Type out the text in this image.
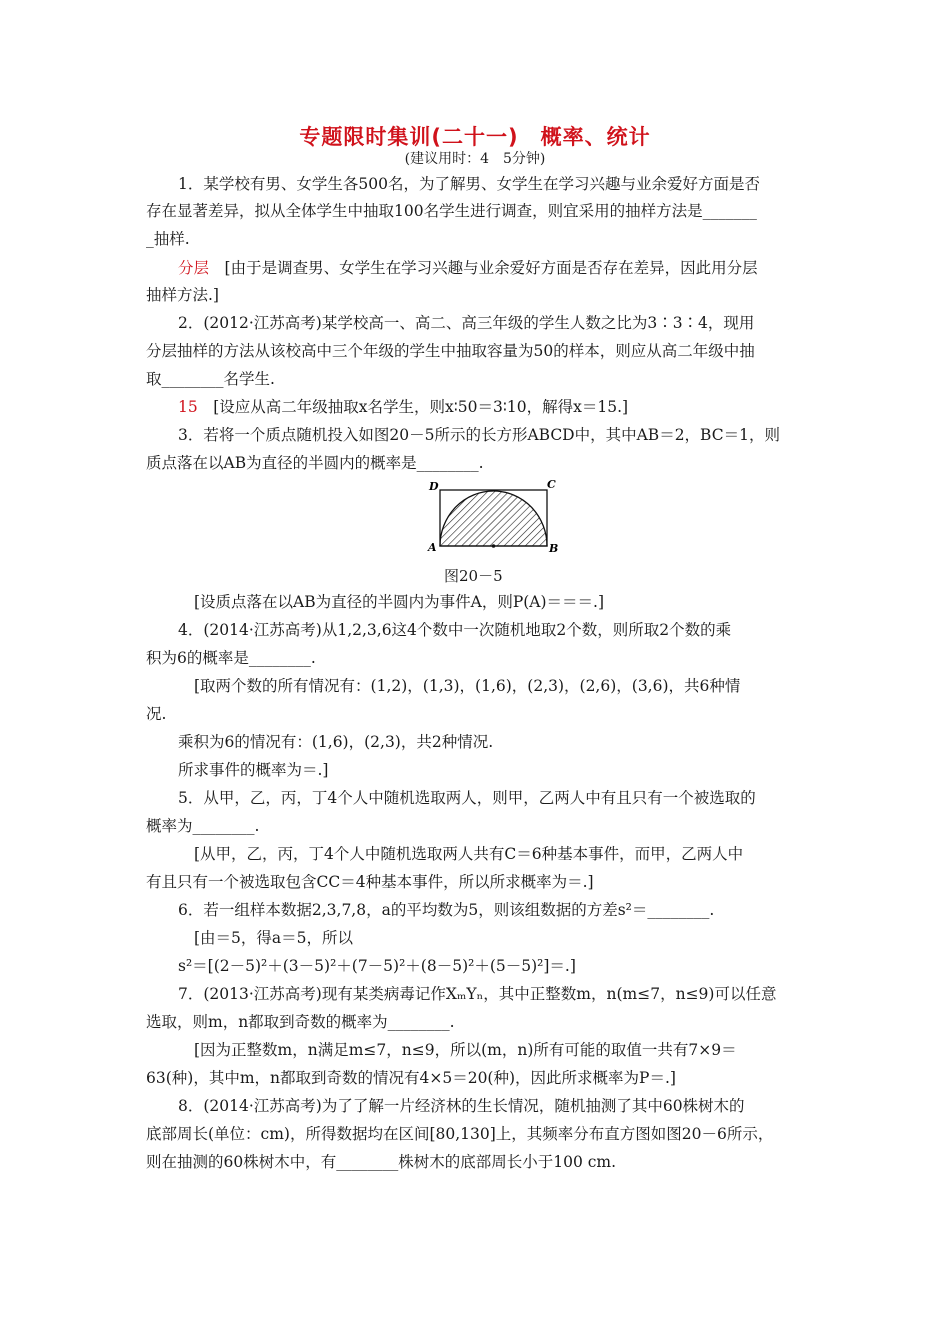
专题限时集训(二十一)　概率、统计
(建议用时：4　5分钟)
1．某学校有男、女学生各500名，为了解男、女学生在学习兴趣与业余爱好方面是否
存在显著差异，拟从全体学生中抽取100名学生进行调查，则宜采用的抽样方法是_______
_抽样.
分层　[由于是调查男、女学生在学习兴趣与业余爱好方面是否存在差异，因此用分层
抽样方法.]
2．(2012·江苏高考)某学校高一、高二、高三年级的学生人数之比为3∶3∶4，现用
分层抽样的方法从该校高中三个年级的学生中抽取容量为50的样本，则应从高二年级中抽
取________名学生.
15　[设应从高二年级抽取x名学生，则x∶50＝3∶10，解得x＝15.]
3．若将一个质点随机投入如图20－5所示的长方形ABCD中，其中AB＝2，BC＝1，则
质点落在以AB为直径的半圆内的概率是________.
D	C
A	B
图20－5
[设质点落在以AB为直径的半圆内为事件A，则P(A)＝＝＝.]
4．(2014·江苏高考)从1,2,3,6这4个数中一次随机地取2个数，则所取2个数的乘
积为6的概率是________.
[取两个数的所有情况有：(1,2)，(1,3)，(1,6)，(2,3)，(2,6)，(3,6)，共6种情
况.
乘积为6的情况有：(1,6)，(2,3)，共2种情况.
所求事件的概率为＝.]
5．从甲，乙，丙，丁4个人中随机选取两人，则甲，乙两人中有且只有一个被选取的
概率为________.
[从甲，乙，丙，丁4个人中随机选取两人共有C＝6种基本事件，而甲，乙两人中
有且只有一个被选取包含CC＝4种基本事件，所以所求概率为＝.]
6．若一组样本数据2,3,7,8，a的平均数为5，则该组数据的方差s²＝________.
[由＝5，得a＝5，所以
s²＝[(2－5)²＋(3－5)²＋(7－5)²＋(8－5)²＋(5－5)²]＝.]
7．(2013·江苏高考)现有某类病毒记作XₘYₙ，其中正整数m，n(m≤7，n≤9)可以任意
选取，则m，n都取到奇数的概率为________.
[因为正整数m，n满足m≤7，n≤9，所以(m，n)所有可能的取值一共有7×9＝
63(种)，其中m，n都取到奇数的情况有4×5＝20(种)，因此所求概率为P＝.]
8．(2014·江苏高考)为了了解一片经济林的生长情况，随机抽测了其中60株树木的
底部周长(单位：cm)，所得数据均在区间[80,130]上，其频率分布直方图如图20－6所示，
则在抽测的60株树木中，有________株树木的底部周长小于100 cm.
